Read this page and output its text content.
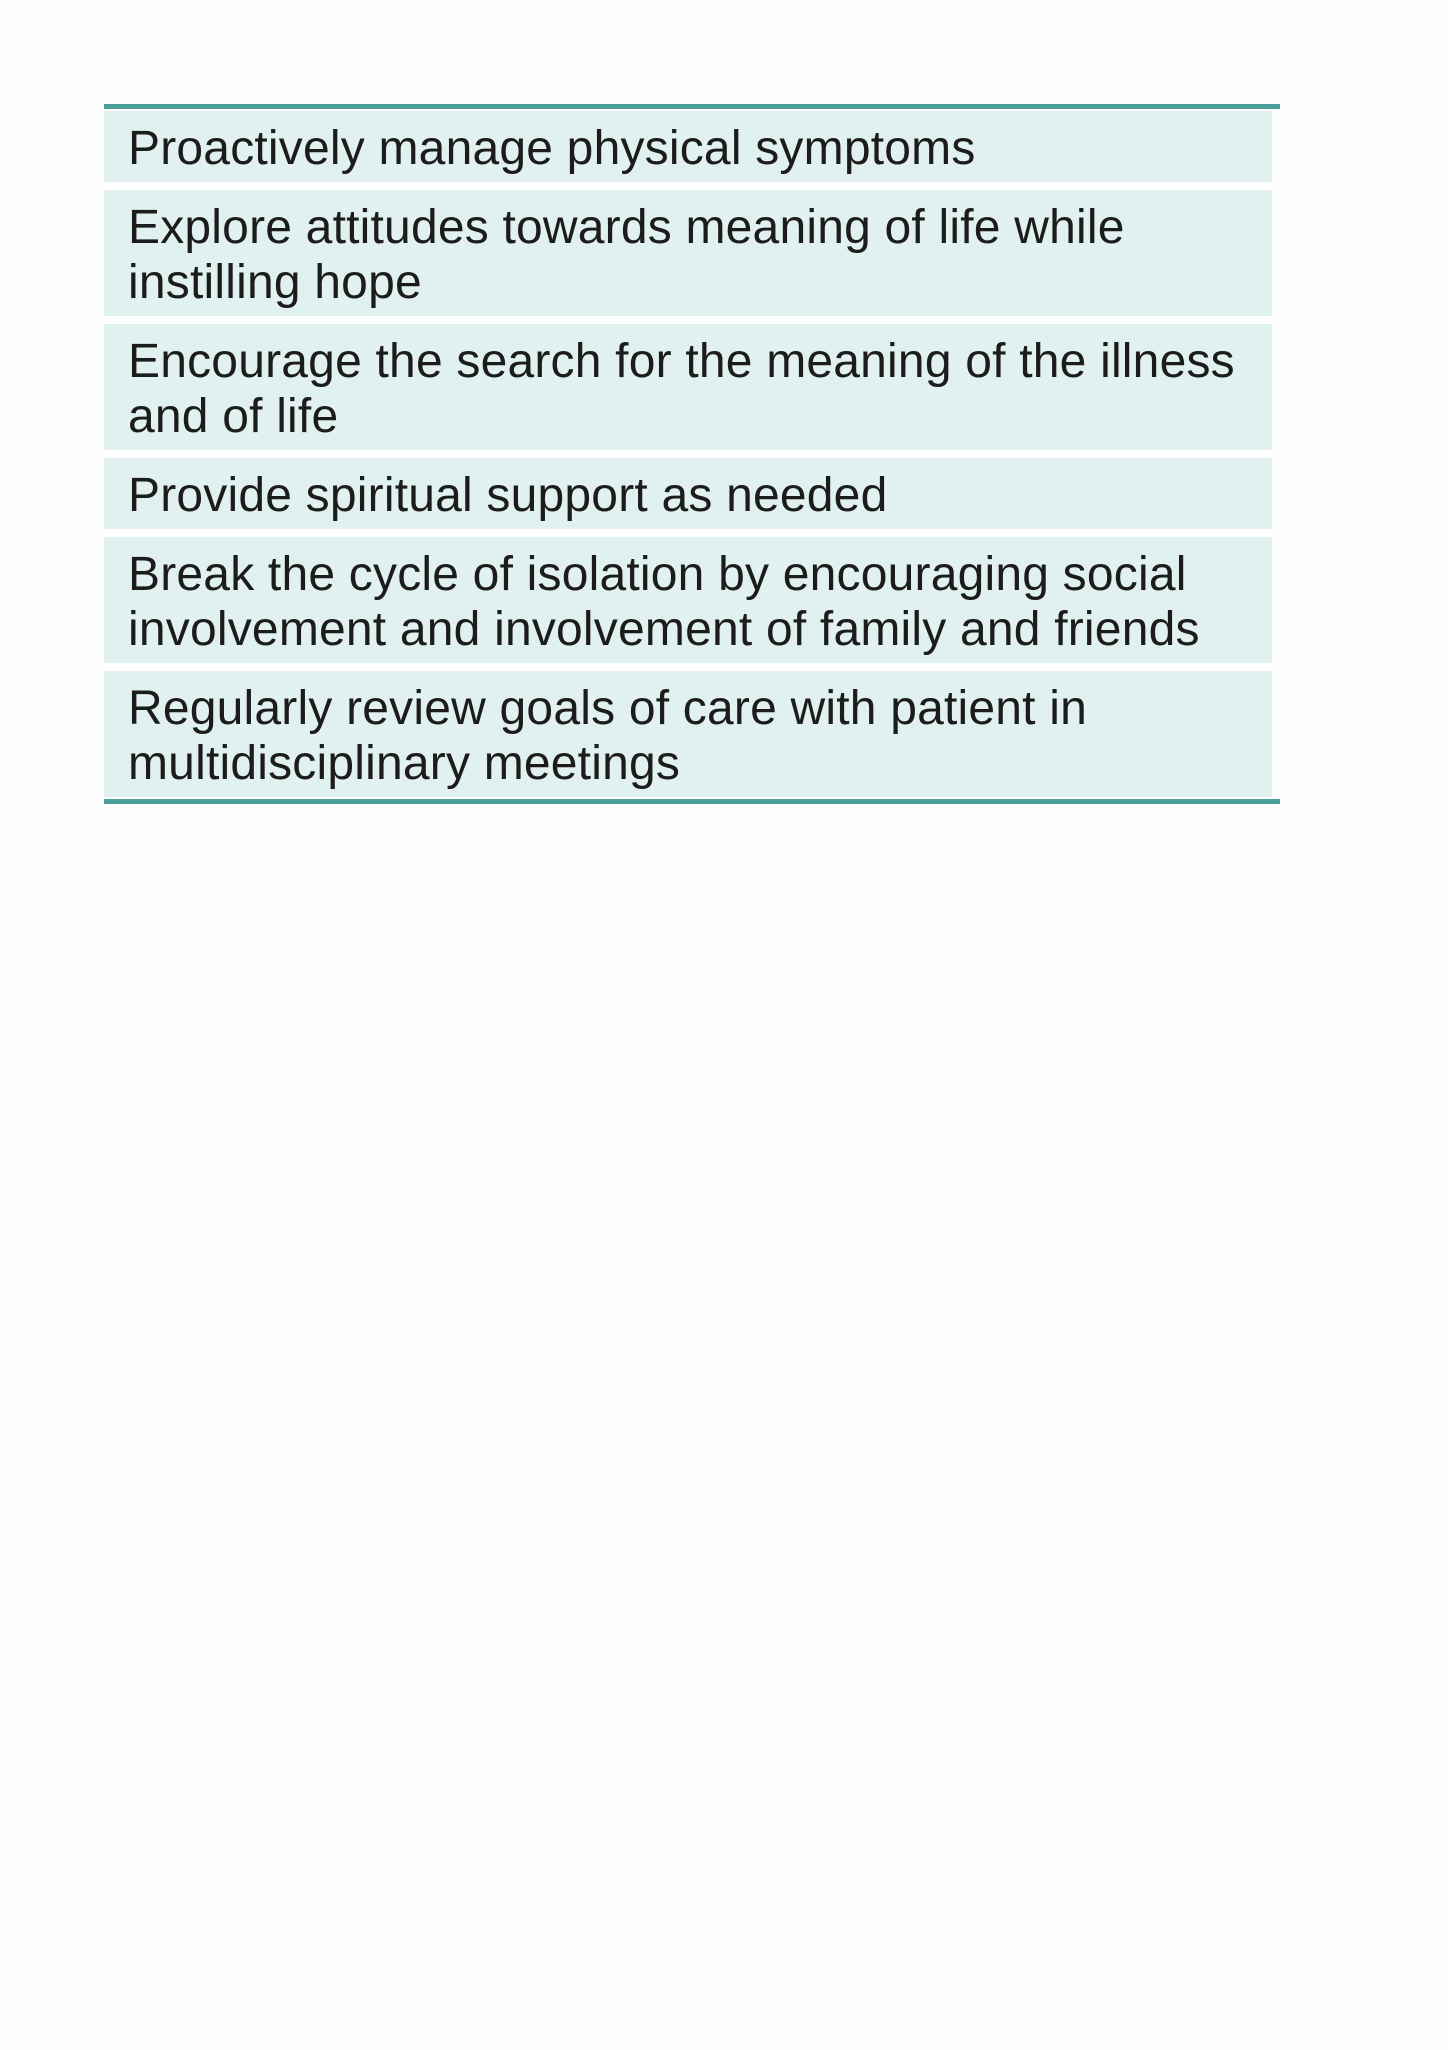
Proactively manage physical symptoms
Explore attitudes towards meaning of life while instilling hope
Encourage the search for the meaning of the illness and of life
Provide spiritual support as needed
Break the cycle of isolation by encouraging social involvement and involvement of family and friends
Regularly review goals of care with patient in multidisciplinary meetings
